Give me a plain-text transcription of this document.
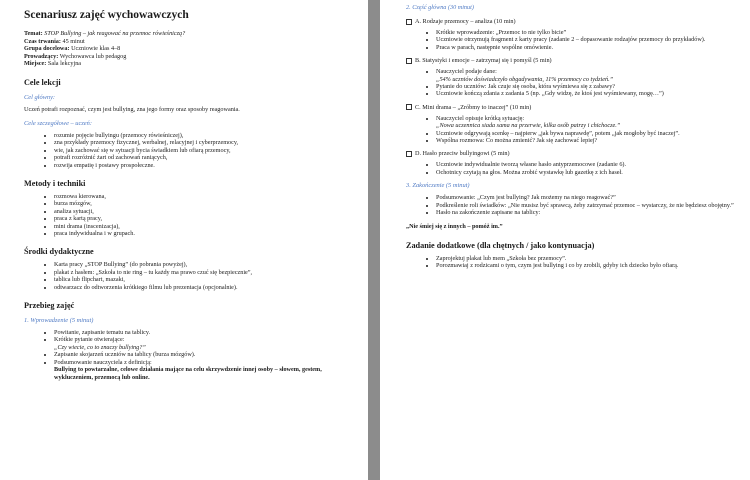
Scenariusz zajęć wychowawczych
Temat: STOP Bullying – jak reagować na przemoc rówieśniczą?
Czas trwania: 45 minut
Grupa docelowa: Uczniowie klas 4–8
Prowadzący: Wychowawca lub pedagog
Miejsce: Sala lekcyjna
Cele lekcji
Cel główny:
Uczeń potrafi rozpoznać, czym jest bullying, zna jego formy oraz sposoby reagowania.
Cele szczegółowe – uczeń:
• rozumie pojęcie bullyingu (przemocy rówieśniczej),
• zna przykłady przemocy fizycznej, werbalnej, relacyjnej i cyberprzemocy,
• wie, jak zachować się w sytuacji bycia świadkiem lub ofiarą przemocy,
• potrafi rozróżnić żart od zachowań raniących,
• rozwija empatię i postawy prospołeczne.
Metody i techniki
• rozmowa kierowana,
• burza mózgów,
• analiza sytuacji,
• praca z kartą pracy,
• mini drama (inscenizacja),
• praca indywidualna i w grupach.
Środki dydaktyczne
• Karta pracy „STOP Bullying” (do pobrania powyżej),
• plakat z hasłem: „Szkoła to nie ring – tu każdy ma prawo czuć się bezpiecznie”,
• tablica lub flipchart, mazaki,
• odtwarzacz do odtworzenia krótkiego filmu lub prezentacja (opcjonalnie).
Przebieg zajęć
1. Wprowadzenie (5 minut)
• Powitanie, zapisanie tematu na tablicy.
• Krótkie pytanie otwierające:
„Czy wiecie, co to znaczy bullying?”
• Zapisanie skojarzeń uczniów na tablicy (burza mózgów).
• Podsumowanie nauczyciela z definicją:
Bullying to powtarzalne, celowe działania mające na celu skrzywdzenie innej osoby – słowem, gestem, wykluczeniem, przemocą lub online.
2. Część główna (30 minut)
A. Rodzaje przemocy – analiza (10 min)
• Krótkie wprowadzenie: „Przemoc to nie tylko bicie”
• Uczniowie otrzymują fragment z karty pracy (zadanie 2 – dopasowanie rodzajów przemocy do przykładów).
• Praca w parach, następnie wspólne omówienie.
B. Statystyki i emocje – zatrzymaj się i pomyśl (5 min)
• Nauczyciel podaje dane:
„54% uczniów doświadczyło obgadywania, 11% przemocy co tydzień.”
• Pytanie do uczniów: Jak czuje się osoba, która wyśmiewa się z zabawy?
• Uczniowie kończą zdania z zadania 5 (np. „Gdy widzę, że ktoś jest wyśmiewany, mogę…”)
C. Mini drama – „Zróbmy to inaczej” (10 min)
• Nauczyciel opisuje krótką sytuację:
„Nowa uczennica siada sama na przerwie, kilka osób patrzy i chichocze.”
• Uczniowie odgrywają scenkę – najpierw „jak bywa naprawdę”, potem „jak mogłoby być inaczej”.
• Wspólna rozmowa: Co można zmienić? Jak się zachować lepiej?
D. Hasło przeciw bullyingowi (5 min)
• Uczniowie indywidualnie tworzą własne hasło antyprzemocowe (zadanie 6).
• Ochotnicy czytają na głos. Można zrobić wystawkę lub gazetkę z ich haseł.
3. Zakończenie (5 minut)
• Podsumowanie: „Czym jest bullying? Jak możemy na niego reagować?”
• Podkreślenie roli świadków: „Nie musisz być sprawcą, żeby zatrzymać przemoc – wystarczy, że nie będziesz obojętny.”
• Hasło na zakończenie zapisane na tablicy:
„Nie śmiej się z innych – pomóż im.”
Zadanie dodatkowe (dla chętnych / jako kontynuacja)
• Zaprojektuj plakat lub mem „Szkoła bez przemocy”.
• Porozmawiaj z rodzicami o tym, czym jest bullying i co by zrobili, gdyby ich dziecko było ofiarą.
